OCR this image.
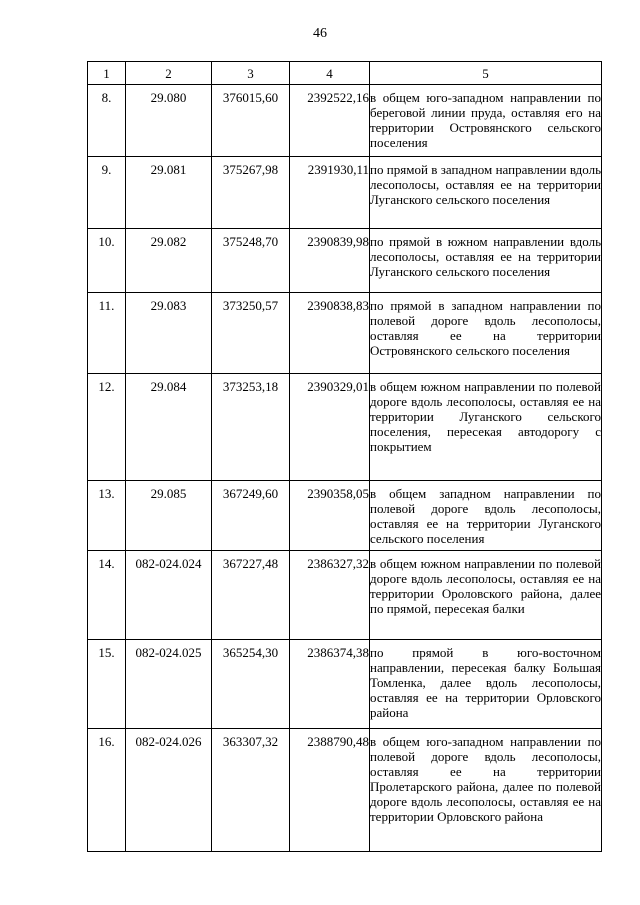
46
1	2	3	4	5
8.	29.080	376015,60	2392522,16	в общем юго-западном направлении по береговой линии пруда, оставляя его на территории Островянского сельского поселения
9.	29.081	375267,98	2391930,11	по прямой в западном направлении вдоль лесополосы, оставляя ее на территории Луганского сельского поселения
10.	29.082	375248,70	2390839,98	по прямой в южном направлении вдоль лесополосы, оставляя ее на территории Луганского сельского поселения
11.	29.083	373250,57	2390838,83	по прямой в западном направлении по полевой дороге вдоль лесополосы, оставляя ее на территории Островянского сельского поселения
12.	29.084	373253,18	2390329,01	в общем южном направлении по полевой дороге вдоль лесополосы, оставляя ее на территории Луганского сельского поселения, пересекая автодорогу с покрытием
13.	29.085	367249,60	2390358,05	в общем западном направлении по полевой дороге вдоль лесополосы, оставляя ее на территории Луганского сельского поселения
14.	082-024.024	367227,48	2386327,32	в общем южном направлении по полевой дороге вдоль лесополосы, оставляя ее на территории Ороловского района, далее по прямой, пересекая балки
15.	082-024.025	365254,30	2386374,38	по прямой в юго-восточном направлении, пересекая балку Большая Томленка, далее вдоль лесополосы, оставляя ее на территории Орловского района
16.	082-024.026	363307,32	2388790,48	в общем юго-западном направлении по полевой дороге вдоль лесополосы, оставляя ее на территории Пролетарского района, далее по полевой дороге вдоль лесополосы, оставляя ее на территории Орловского района
